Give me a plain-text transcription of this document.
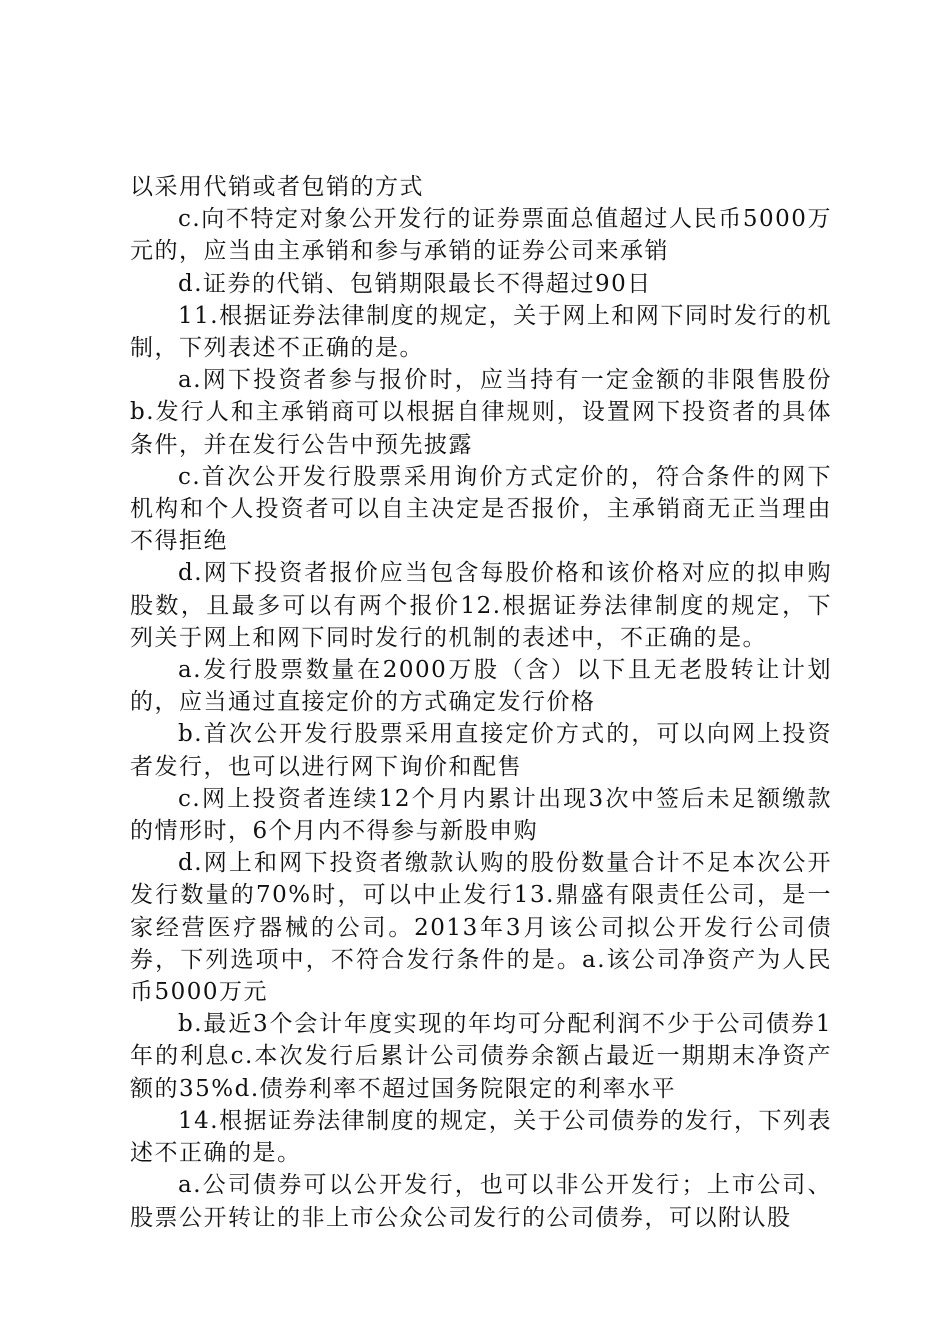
以采用代销或者包销的方式

c.向不特定对象公开发行的证券票面总值超过人民币5000万元的，应当由主承销和参与承销的证券公司来承销

d.证券的代销、包销期限最长不得超过90日

11.根据证券法律制度的规定，关于网上和网下同时发行的机制，下列表述不正确的是。

a.网下投资者参与报价时，应当持有一定金额的非限售股份b.发行人和主承销商可以根据自律规则，设置网下投资者的具体条件，并在发行公告中预先披露

c.首次公开发行股票采用询价方式定价的，符合条件的网下机构和个人投资者可以自主决定是否报价，主承销商无正当理由不得拒绝

d.网下投资者报价应当包含每股价格和该价格对应的拟申购股数，且最多可以有两个报价12.根据证券法律制度的规定，下列关于网上和网下同时发行的机制的表述中，不正确的是。

a.发行股票数量在2000万股（含）以下且无老股转让计划的，应当通过直接定价的方式确定发行价格

b.首次公开发行股票采用直接定价方式的，可以向网上投资者发行，也可以进行网下询价和配售

c.网上投资者连续12个月内累计出现3次中签后未足额缴款的情形时，6个月内不得参与新股申购

d.网上和网下投资者缴款认购的股份数量合计不足本次公开发行数量的70%时，可以中止发行13.鼎盛有限责任公司，是一家经营医疗器械的公司。2013年3月该公司拟公开发行公司债券，下列选项中，不符合发行条件的是。a.该公司净资产为人民币5000万元

b.最近3个会计年度实现的年均可分配利润不少于公司债券1年的利息c.本次发行后累计公司债券余额占最近一期期末净资产额的35%d.债券利率不超过国务院限定的利率水平

14.根据证券法律制度的规定，关于公司债券的发行，下列表述不正确的是。

a.公司债券可以公开发行，也可以非公开发行；上市公司、股票公开转让的非上市公众公司发行的公司债券，可以附认股
